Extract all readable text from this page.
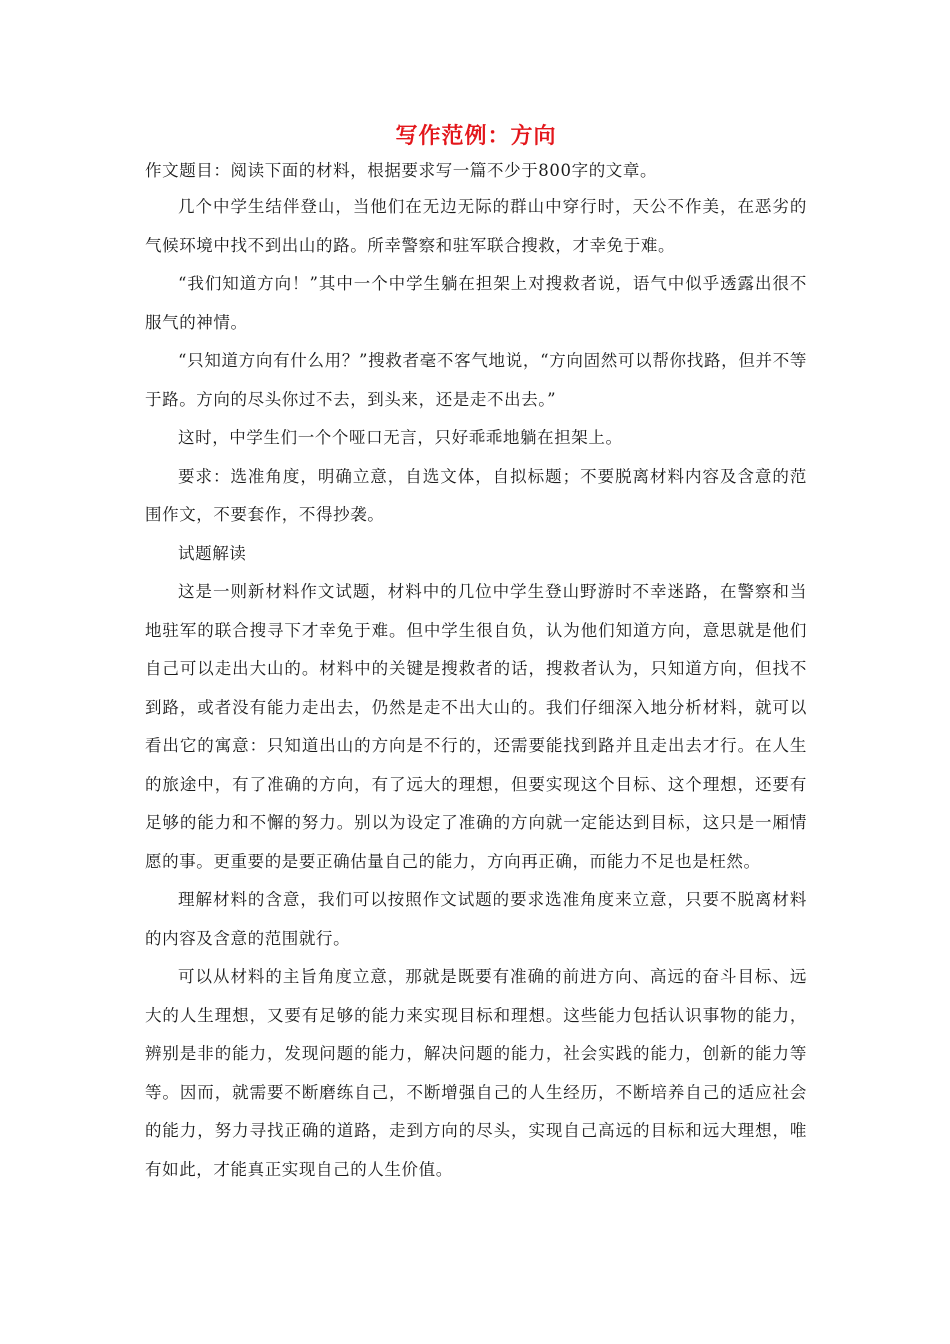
写作范例：方向

作文题目：阅读下面的材料，根据要求写一篇不少于800字的文章。

几个中学生结伴登山，当他们在无边无际的群山中穿行时，天公不作美，在恶劣的气候环境中找不到出山的路。所幸警察和驻军联合搜救，才幸免于难。

“我们知道方向！”其中一个中学生躺在担架上对搜救者说，语气中似乎透露出很不服气的神情。

“只知道方向有什么用？”搜救者毫不客气地说，“方向固然可以帮你找路，但并不等于路。方向的尽头你过不去，到头来，还是走不出去。”

这时，中学生们一个个哑口无言，只好乖乖地躺在担架上。

要求：选准角度，明确立意，自选文体，自拟标题；不要脱离材料内容及含意的范围作文，不要套作，不得抄袭。

试题解读

这是一则新材料作文试题，材料中的几位中学生登山野游时不幸迷路，在警察和当地驻军的联合搜寻下才幸免于难。但中学生很自负，认为他们知道方向，意思就是他们自己可以走出大山的。材料中的关键是搜救者的话，搜救者认为，只知道方向，但找不到路，或者没有能力走出去，仍然是走不出大山的。我们仔细深入地分析材料，就可以看出它的寓意：只知道出山的方向是不行的，还需要能找到路并且走出去才行。在人生的旅途中，有了准确的方向，有了远大的理想，但要实现这个目标、这个理想，还要有足够的能力和不懈的努力。别以为设定了准确的方向就一定能达到目标，这只是一厢情愿的事。更重要的是要正确估量自己的能力，方向再正确，而能力不足也是枉然。

理解材料的含意，我们可以按照作文试题的要求选准角度来立意，只要不脱离材料的内容及含意的范围就行。

可以从材料的主旨角度立意，那就是既要有准确的前进方向、高远的奋斗目标、远大的人生理想，又要有足够的能力来实现目标和理想。这些能力包括认识事物的能力，辨别是非的能力，发现问题的能力，解决问题的能力，社会实践的能力，创新的能力等等。因而，就需要不断磨练自己，不断增强自己的人生经历，不断培养自己的适应社会的能力，努力寻找正确的道路，走到方向的尽头，实现自己高远的目标和远大理想，唯有如此，才能真正实现自己的人生价值。
